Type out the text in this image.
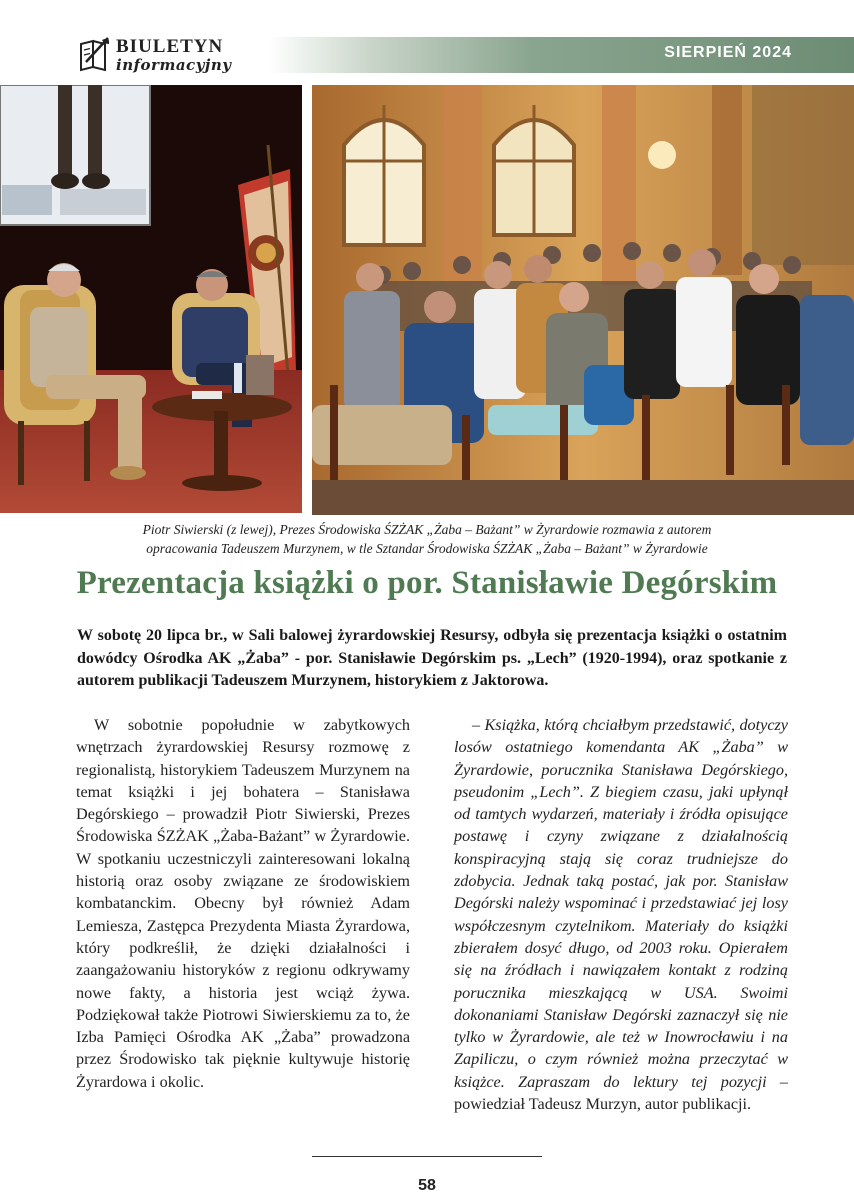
BIULETYN
informacyjny
SIERPIEŃ 2024
Piotr Siwierski (z lewej), Prezes Środowiska ŚZŻAK „Żaba – Bażant” w Żyrardowie rozmawia z autorem
opracowania Tadeuszem Murzynem, w tle Sztandar Środowiska ŚZŻAK „Żaba – Bażant” w Żyrardowie
Prezentacja książki o por. Stanisławie Degórskim

W sobotę 20 lipca br., w Sali balowej żyrardowskiej Resursy, odbyła się prezentacja książki o ostatnim dowódcy Ośrodka AK „Żaba” - por. Stanisławie Degórskim ps. „Lech” (1920-1994), oraz spotkanie z autorem publikacji Tadeuszem Murzynem, historykiem z Jaktorowa.

W sobotnie popołudnie w zabytkowych wnętrzach żyrardowskiej Resursy rozmowę z regionalistą, historykiem Tadeuszem Murzynem na temat książki i jej bohatera – Stanisława Degórskiego – prowadził Piotr Siwierski, Prezes Środowiska ŚZŻAK „Żaba-Bażant” w Żyrardowie. W spotkaniu uczestniczyli zainteresowani lokalną historią oraz osoby związane ze środowiskiem kombatanckim. Obecny był również Adam Lemiesza, Zastępca Prezydenta Miasta Żyrardowa, który podkreślił, że dzięki działalności i zaangażowaniu historyków z regionu odkrywamy nowe fakty, a historia jest wciąż żywa. Podziękował także Piotrowi Siwierskiemu za to, że Izba Pamięci Ośrodka AK „Żaba” prowadzona przez Środowisko tak pięknie kultywuje historię Żyrardowa i okolic.

– Książka, którą chciałbym przedstawić, dotyczy losów ostatniego komendanta AK „Żaba” w Żyrardowie, porucznika Stanisława Degórskiego, pseudonim „Lech”. Z biegiem czasu, jaki upłynął od tamtych wydarzeń, materiały i źródła opisujące postawę i czyny związane z działalnością konspiracyjną stają się coraz trudniejsze do zdobycia. Jednak taką postać, jak por. Stanisław Degórski należy wspominać i przedstawiać jej losy współczesnym czytelnikom. Materiały do książki zbierałem dosyć długo, od 2003 roku. Opierałem się na źródłach i nawiązałem kontakt z rodziną porucznika mieszkającą w USA. Swoimi dokonaniami Stanisław Degórski zaznaczył się nie tylko w Żyrardowie, ale też w Inowrocławiu i na Zapiliczu, o czym również można przeczytać w książce. Zapraszam do lektury tej pozycji – powiedział Tadeusz Murzyn, autor publikacji.

58
